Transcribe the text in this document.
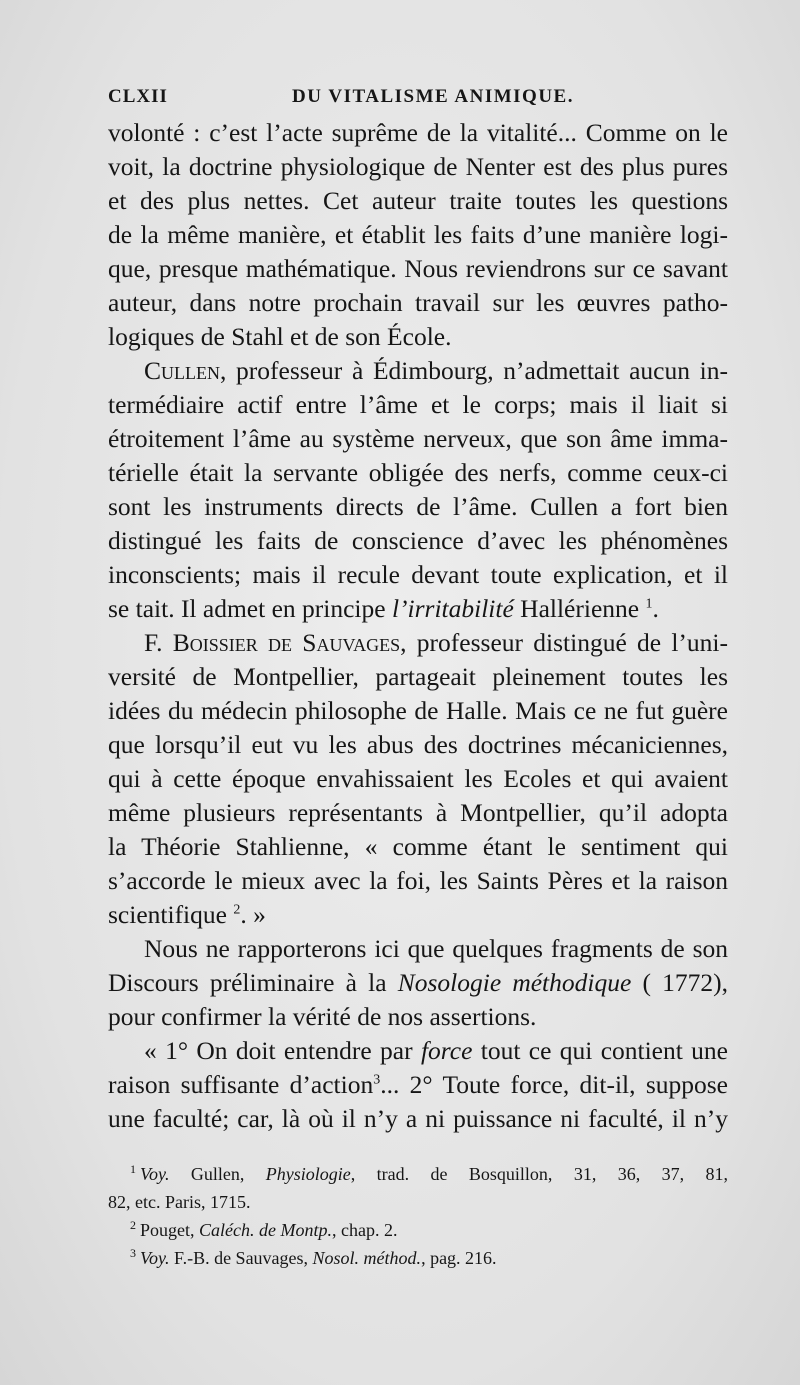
CLXII	DU VITALISME ANIMIQUE.
volonté : c’est l’acte suprême de la vitalité... Comme on le
voit, la doctrine physiologique de Nenter est des plus pures
et des plus nettes. Cet auteur traite toutes les questions
de la même manière, et établit les faits d’une manière logi-
que, presque mathématique. Nous reviendrons sur ce savant
auteur, dans notre prochain travail sur les œuvres patho-
logiques de Stahl et de son École.
Cullen, professeur à Édimbourg, n’admettait aucun in-
termédiaire actif entre l’âme et le corps; mais il liait si
étroitement l’âme au système nerveux, que son âme imma-
térielle était la servante obligée des nerfs, comme ceux-ci
sont les instruments directs de l’âme. Cullen a fort bien
distingué les faits de conscience d’avec les phénomènes
inconscients; mais il recule devant toute explication, et il
se tait. Il admet en principe l’irritabilité Hallérienne $^1$.
F. Boissier de Sauvages, professeur distingué de l’uni-
versité de Montpellier, partageait pleinement toutes les
idées du médecin philosophe de Halle. Mais ce ne fut guère
que lorsqu’il eut vu les abus des doctrines mécaniciennes,
qui à cette époque envahissaient les Ecoles et qui avaient
même plusieurs représentants à Montpellier, qu’il adopta
la Théorie Stahlienne, « comme étant le sentiment qui
s’accorde le mieux avec la foi, les Saints Pères et la raison
scientifique $^2$. »
Nous ne rapporterons ici que quelques fragments de son
Discours préliminaire à la Nosologie méthodique ( 1772),
pour confirmer la vérité de nos assertions.
« 1° On doit entendre par force tout ce qui contient une
raison suffisante d’action$^3$... 2° Toute force, dit-il, suppose
une faculté; car, là où il n’y a ni puissance ni faculté, il n’y
$^1$ Voy. Gullen, Physiologie, trad. de Bosquillon, 31, 36, 37, 81,
82, etc. Paris, 1715.
$^2$ Pouget, Caléch. de Montp., chap. 2.
$^3$ Voy. F.-B. de Sauvages, Nosol. méthod., pag. 216.
